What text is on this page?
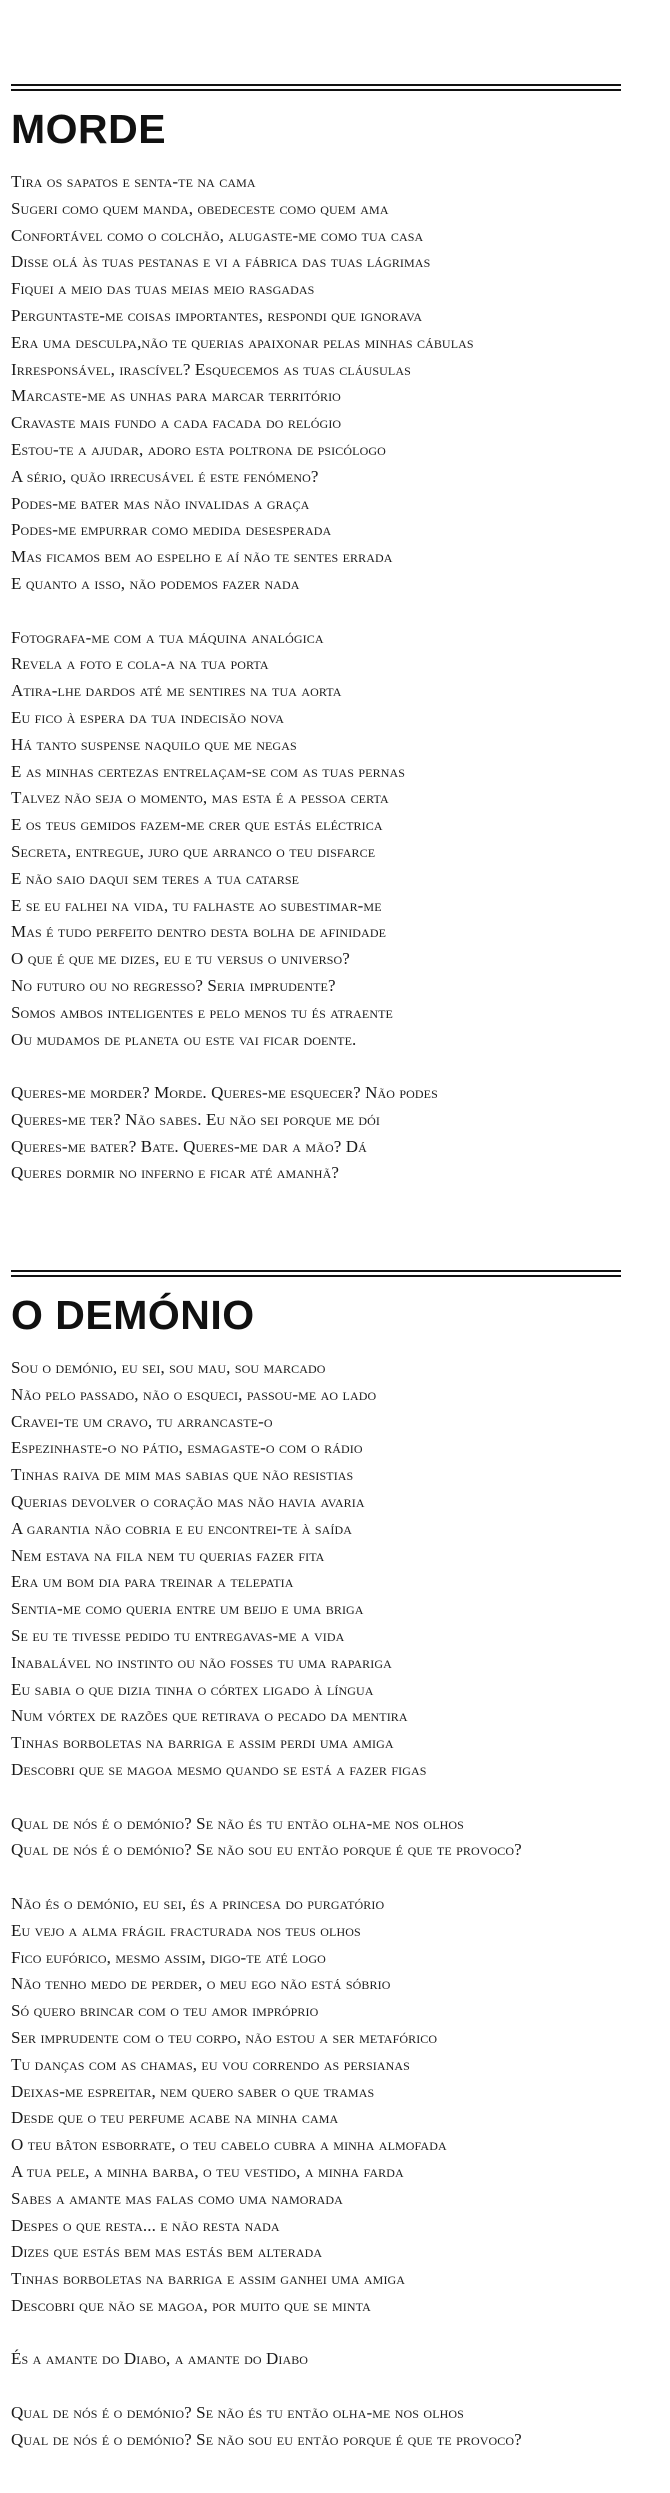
MORDE
Tira os sapatos e senta-te na cama
Sugeri como quem manda, obedeceste como quem ama
Confortável como o colchão, alugaste-me como tua casa
Disse olá às tuas pestanas e vi a fábrica das tuas lágrimas
Fiquei a meio das tuas meias meio rasgadas
Perguntaste-me coisas importantes, respondi que ignorava
Era uma desculpa,não te querias apaixonar pelas minhas cábulas
Irresponsável, irascível? Esquecemos as tuas cláusulas
Marcaste-me as unhas para marcar território
Cravaste mais fundo a cada facada do relógio
Estou-te a ajudar, adoro esta poltrona de psicólogo
A sério, quão irrecusável é este fenómeno?
Podes-me bater mas não invalidas a graça
Podes-me empurrar como medida desesperada
Mas ficamos bem ao espelho e aí não te sentes errada
E quanto a isso, não podemos fazer nada
Fotografa-me com a tua máquina analógica
Revela a foto e cola-a na tua porta
Atira-lhe dardos até me sentires na tua aorta
Eu fico à espera da tua indecisão nova
Há tanto suspense naquilo que me negas
E as minhas certezas entrelaçam-se com as tuas pernas
Talvez não seja o momento, mas esta é a pessoa certa
E os teus gemidos fazem-me crer que estás eléctrica
Secreta, entregue, juro que arranco o teu disfarce
E não saio daqui sem teres a tua catarse
E se eu falhei na vida, tu falhaste ao subestimar-me
Mas é tudo perfeito dentro desta bolha de afinidade
O que é que me dizes, eu e tu versus o universo?
No futuro ou no regresso? Seria imprudente?
Somos ambos inteligentes e pelo menos tu és atraente
Ou mudamos de planeta ou este vai ficar doente.
Queres-me morder? Morde. Queres-me esquecer? Não podes
Queres-me ter? Não sabes. Eu não sei porque me dói
Queres-me bater? Bate. Queres-me dar a mão? Dá
Queres dormir no inferno e ficar até amanhã?
O DEMÓNIO
Sou o demónio, eu sei, sou mau, sou marcado
Não pelo passado, não o esqueci, passou-me ao lado
Cravei-te um cravo, tu arrancaste-o
Espezinhaste-o no pátio, esmagaste-o com o rádio
Tinhas raiva de mim mas sabias que não resistias
Querias devolver o coração mas não havia avaria
A garantia não cobria e eu encontrei-te à saída
Nem estava na fila nem tu querias fazer fita
Era um bom dia para treinar a telepatia
Sentia-me como queria entre um beijo e uma briga
Se eu te tivesse pedido tu entregavas-me a vida
Inabalável no instinto ou não fosses tu uma rapariga
Eu sabia o que dizia tinha o córtex ligado à língua
Num vórtex de razões que retirava o pecado da mentira
Tinhas borboletas na barriga e assim perdi uma amiga
Descobri que se magoa mesmo quando se está a fazer figas
Qual de nós é o demónio? Se não és tu então olha-me nos olhos
Qual de nós é o demónio? Se não sou eu então porque é que te provoco?
Não és o demónio, eu sei, és a princesa do purgatório
Eu vejo a alma frágil fracturada nos teus olhos
Fico eufórico, mesmo assim, digo-te até logo
Não tenho medo de perder, o meu ego não está sóbrio
Só quero brincar com o teu amor impróprio
Ser imprudente com o teu corpo, não estou a ser metafórico
Tu danças com as chamas, eu vou correndo as persianas
Deixas-me espreitar, nem quero saber o que tramas
Desde que o teu perfume acabe na minha cama
O teu bâton esborrate, o teu cabelo cubra a minha almofada
A tua pele, a minha barba, o teu vestido, a minha farda
Sabes a amante mas falas como uma namorada
Despes o que resta... e não resta nada
Dizes que estás bem mas estás bem alterada
Tinhas borboletas na barriga e assim ganhei uma amiga
Descobri que não se magoa, por muito que se minta
És a amante do Diabo, a amante do Diabo
Qual de nós é o demónio? Se não és tu então olha-me nos olhos
Qual de nós é o demónio? Se não sou eu então porque é que te provoco?
